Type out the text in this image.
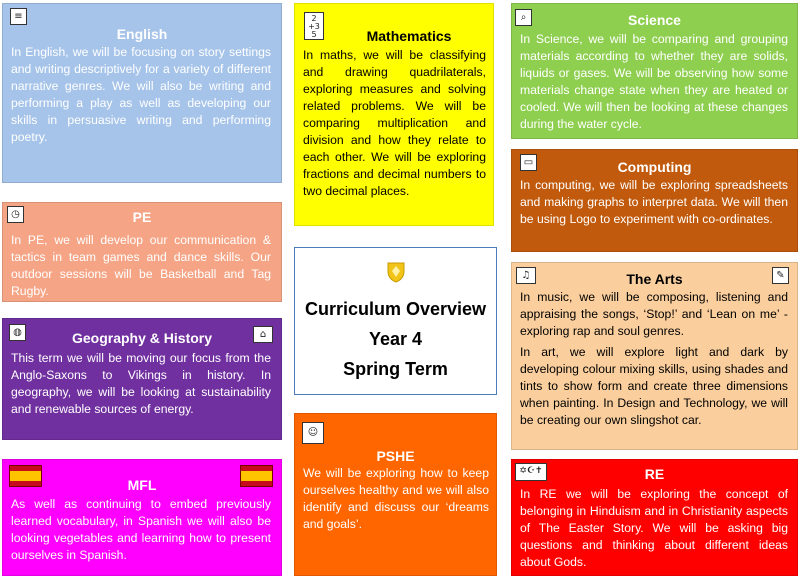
≡
English
In English, we will be focusing on story settings and writing descriptively for a variety of different narrative genres. We will also be writing and performing a play as well as developing our skills in persuasive writing and performing poetry.
2
+3
5	Mathematics
In maths, we will be classifying and drawing quadrilaterals, exploring measures and solving related problems. We will be comparing multiplication and division and how they relate to each other. We will be exploring fractions and decimal numbers to two decimal places.
⌕	Science
In Science, we will be comparing and grouping materials according to whether they are solids, liquids or gases. We will be observing how some materials change state when they are heated or cooled. We will then be looking at these changes during the water cycle.
◷	PE
In PE, we will develop our communication & tactics in team games and dance skills. Our outdoor sessions will be Basketball and Tag Rugby.
▭	Computing
In computing, we will be exploring spreadsheets and making graphs to interpret data. We will then be using Logo to experiment with co-ordinates.
Curriculum Overview
Year 4
Spring Term
♫	✎
The Arts

In music, we will be composing, listening and appraising the songs, ‘Stop!’ and ‘Lean on me’ - exploring rap and soul genres.

In art, we will explore light and dark by developing colour mixing skills, using shades and tints to show form and create three dimensions when painting. In Design and Technology, we will be creating our own slingshot car.

◍	⌂
Geography & History
This term we will be moving our focus from the Anglo-Saxons to Vikings in history. In geography, we will be looking at sustainability and renewable sources of energy.
☺
PSHE
We will be exploring how to keep ourselves healthy and we will also identify and discuss our ‘dreams and goals’.
MFL
As well as continuing to embed previously learned vocabulary, in Spanish we will also be looking vegetables and learning how to present ourselves in Spanish.
✡☪✝	RE
In RE we will be exploring the concept of belonging in Hinduism and in Christianity aspects of The Easter Story. We will be asking big questions and thinking about different ideas about Gods.
